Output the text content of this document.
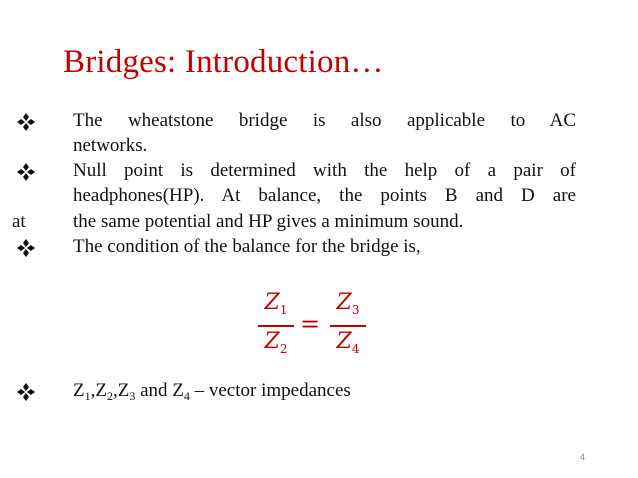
Bridges: Introduction…
The wheatstone bridge is also applicable to AC
networks.
Null point is determined with the help of a pair of
headphones(HP). At balance, the points B and D are
at the same potential and HP gives a minimum sound.
The condition of the balance for the bridge is,
$Z_1$
$Z_2$
=
$Z_3$
$Z_4$
$Z_1,Z_2,Z_3$ and $Z_4$ – vector impedances
4
